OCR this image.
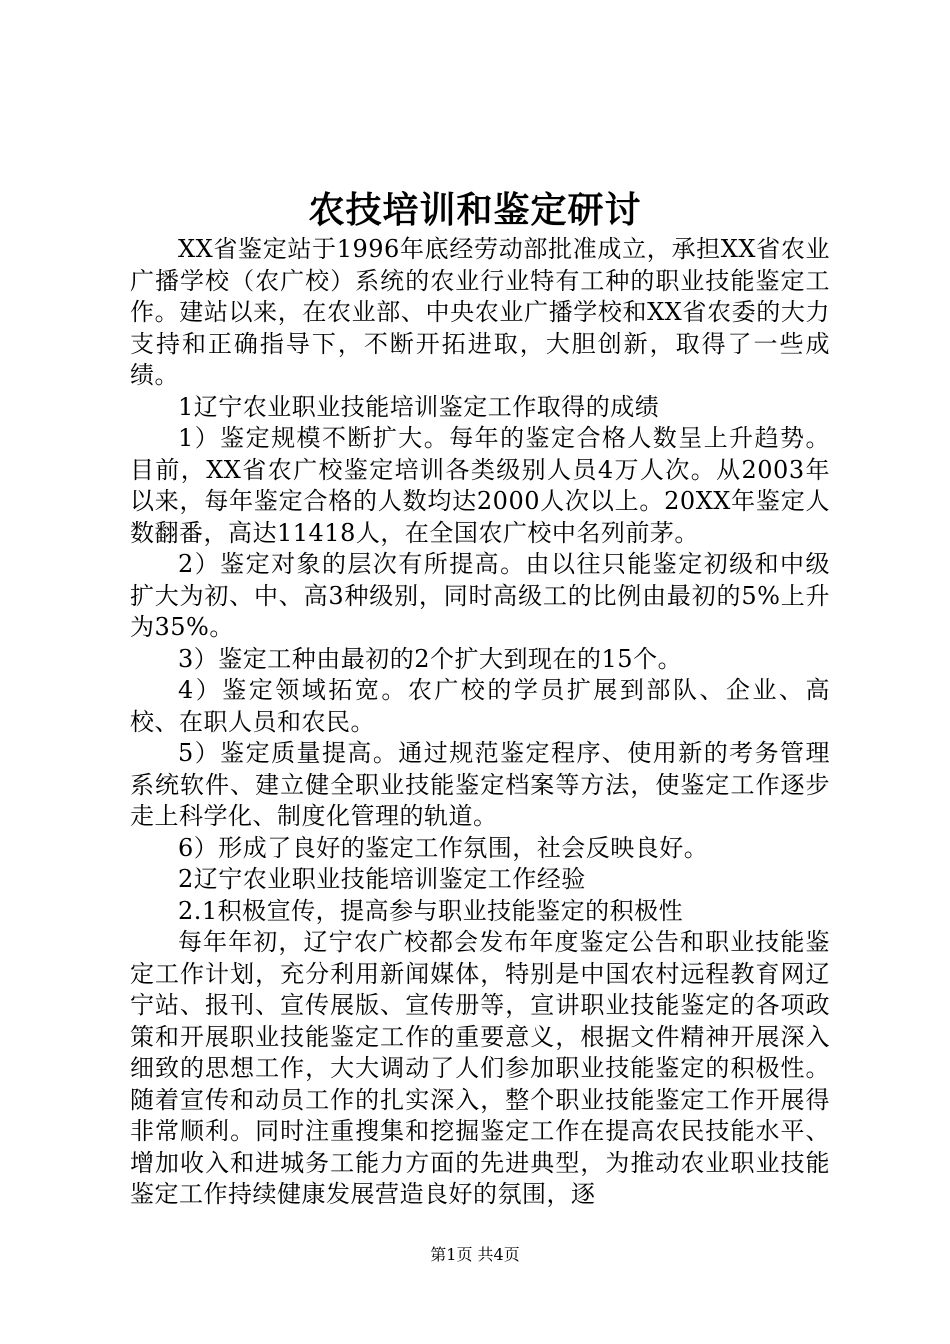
农技培训和鉴定研讨

XX省鉴定站于1996年底经劳动部批准成立，承担XX省农业广播学校（农广校）系统的农业行业特有工种的职业技能鉴定工作。建站以来，在农业部、中央农业广播学校和XX省农委的大力支持和正确指导下，不断开拓进取，大胆创新，取得了一些成绩。

1辽宁农业职业技能培训鉴定工作取得的成绩

1）鉴定规模不断扩大。每年的鉴定合格人数呈上升趋势。目前，XX省农广校鉴定培训各类级别人员4万人次。从2003年以来，每年鉴定合格的人数均达2000人次以上。20XX年鉴定人数翻番，高达11418人，在全国农广校中名列前茅。

2）鉴定对象的层次有所提高。由以往只能鉴定初级和中级扩大为初、中、高3种级别，同时高级工的比例由最初的5%上升为35%。

3）鉴定工种由最初的2个扩大到现在的15个。

4）鉴定领域拓宽。农广校的学员扩展到部队、企业、高校、在职人员和农民。

5）鉴定质量提高。通过规范鉴定程序、使用新的考务管理系统软件、建立健全职业技能鉴定档案等方法，使鉴定工作逐步走上科学化、制度化管理的轨道。

6）形成了良好的鉴定工作氛围，社会反映良好。

2辽宁农业职业技能培训鉴定工作经验

2.1积极宣传，提高参与职业技能鉴定的积极性

每年年初，辽宁农广校都会发布年度鉴定公告和职业技能鉴定工作计划，充分利用新闻媒体，特别是中国农村远程教育网辽宁站、报刊、宣传展版、宣传册等，宣讲职业技能鉴定的各项政策和开展职业技能鉴定工作的重要意义，根据文件精神开展深入细致的思想工作，大大调动了人们参加职业技能鉴定的积极性。随着宣传和动员工作的扎实深入，整个职业技能鉴定工作开展得非常顺利。同时注重搜集和挖掘鉴定工作在提高农民技能水平、增加收入和进城务工能力方面的先进典型，为推动农业职业技能鉴定工作持续健康发展营造良好的氛围，逐

第1页 共4页
